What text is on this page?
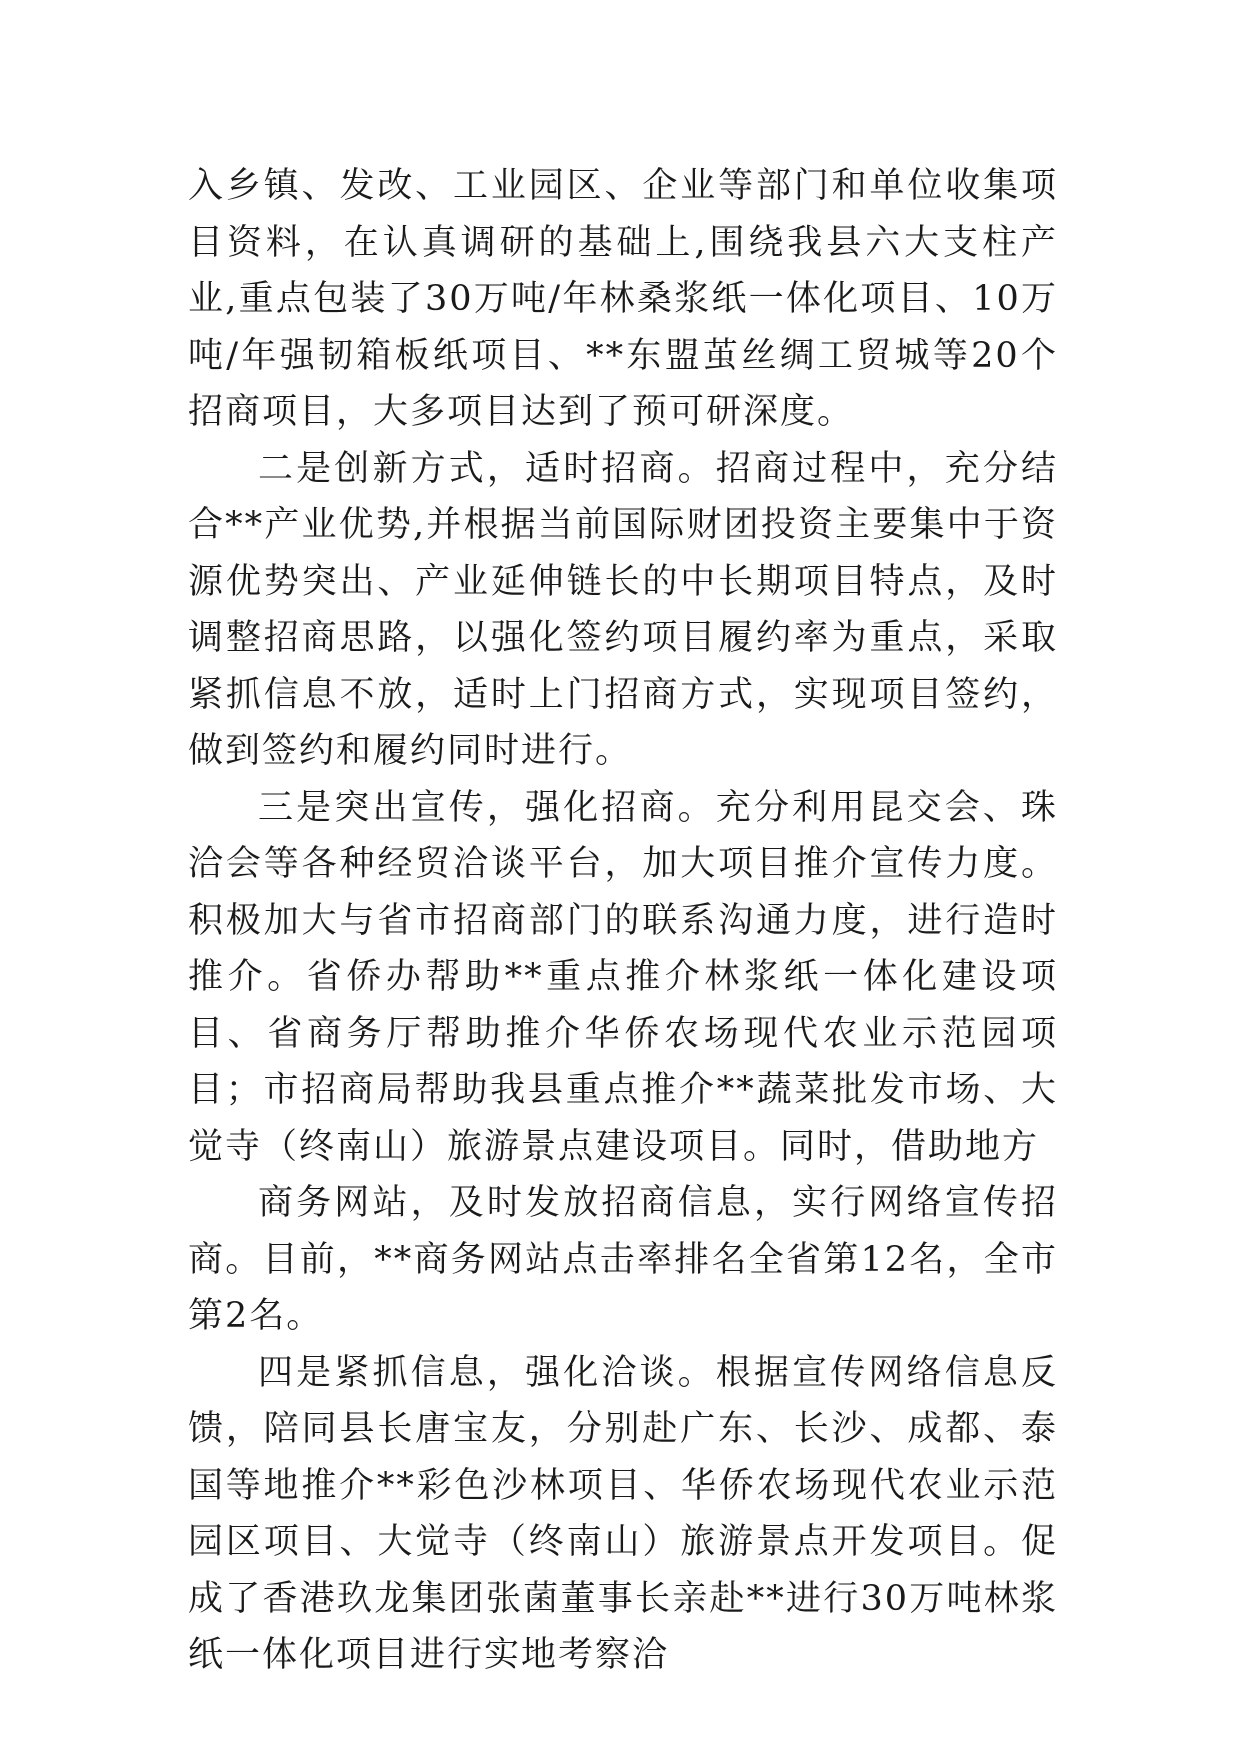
入乡镇、发改、工业园区、企业等部门和单位收集项目资料，在认真调研的基础上,围绕我县六大支柱产业,重点包装了30万吨/年林桑浆纸一体化项目、10万吨/年强韧箱板纸项目、**东盟茧丝绸工贸城等20个招商项目，大多项目达到了预可研深度。

二是创新方式，适时招商。招商过程中，充分结合**产业优势,并根据当前国际财团投资主要集中于资源优势突出、产业延伸链长的中长期项目特点，及时调整招商思路，以强化签约项目履约率为重点，采取紧抓信息不放，适时上门招商方式，实现项目签约，做到签约和履约同时进行。

三是突出宣传，强化招商。充分利用昆交会、珠洽会等各种经贸洽谈平台，加大项目推介宣传力度。积极加大与省市招商部门的联系沟通力度，进行造时推介。省侨办帮助**重点推介林浆纸一体化建设项目、省商务厅帮助推介华侨农场现代农业示范园项目；市招商局帮助我县重点推介**蔬菜批发市场、大觉寺（终南山）旅游景点建设项目。同时，借助地方

商务网站，及时发放招商信息，实行网络宣传招商。目前，**商务网站点击率排名全省第12名，全市第2名。

四是紧抓信息，强化洽谈。根据宣传网络信息反馈，陪同县长唐宝友，分别赴广东、长沙、成都、泰国等地推介**彩色沙林项目、华侨农场现代农业示范园区项目、大觉寺（终南山）旅游景点开发项目。促成了香港玖龙集团张菌董事长亲赴**进行30万吨林浆纸一体化项目进行实地考察洽
